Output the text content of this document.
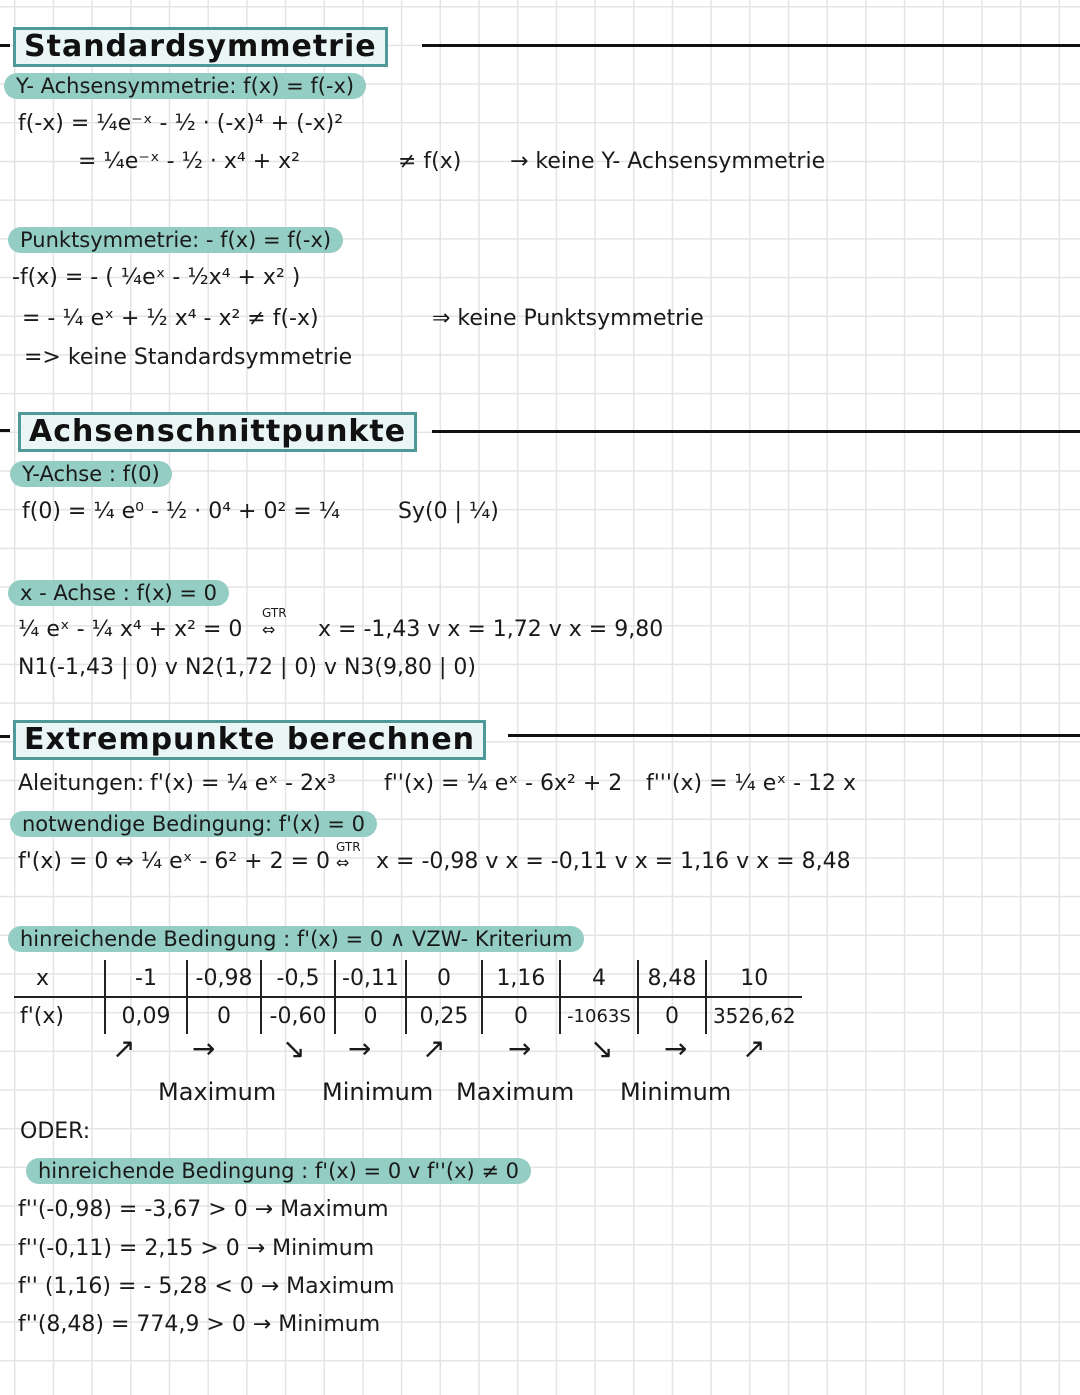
Standardsymmetrie
Y- Achsensymmetrie: f(x) = f(-x)
f(-x) = ¼e⁻ˣ - ½ · (-x)⁴ + (-x)²
= ¼e⁻ˣ - ½ · x⁴ + x²	≠ f(x) → keine Y- Achsensymmetrie
Punktsymmetrie: - f(x) = f(-x)
-f(x) = - ( ¼eˣ - ½x⁴ + x² )
= - ¼ eˣ + ½ x⁴ - x² ≠ f(-x)	⇒ keine Punktsymmetrie
=> keine Standardsymmetrie
Achsenschnittpunkte
Y-Achse : f(0)
f(0) = ¼ e⁰ - ½ · 0⁴ + 0² = ¼	Sy(0 | ¼)
x - Achse : f(x) = 0
¼ eˣ - ¼ x⁴ + x² = 0
GTR
⇔ x = -1,43 v x = 1,72 v x = 9,80
N1(-1,43 | 0) v N2(1,72 | 0) v N3(9,80 | 0)
Extrempunkte berechnen
Aleitungen: f'(x) = ¼ eˣ - 2x³ f''(x) = ¼ eˣ - 6x² + 2 f'''(x) = ¼ eˣ - 12 x
notwendige Bedingung: f'(x) = 0
f'(x) = 0 ⇔ ¼ eˣ - 6² + 2 = 0
GTR
⇔ x = -0,98 v x = -0,11 v x = 1,16 v x = 8,48
hinreichende Bedingung : f'(x) = 0 ∧ VZW- Kriterium
x	-1	-0,98	-0,5	-0,11	0	1,16	4	8,48	10
f'(x)	0,09	0	-0,60	0	0,25	0	-1063S	0	3526,62
↗ → ↘ → ↗ → ↘ → ↗
Maximum Minimum Maximum Minimum
ODER:
hinreichende Bedingung : f'(x) = 0 v f''(x) ≠ 0
f''(-0,98) = -3,67 > 0 → Maximum
f''(-0,11) = 2,15 > 0 → Minimum
f'' (1,16) = - 5,28 < 0 → Maximum
f''(8,48) = 774,9 > 0 → Minimum
